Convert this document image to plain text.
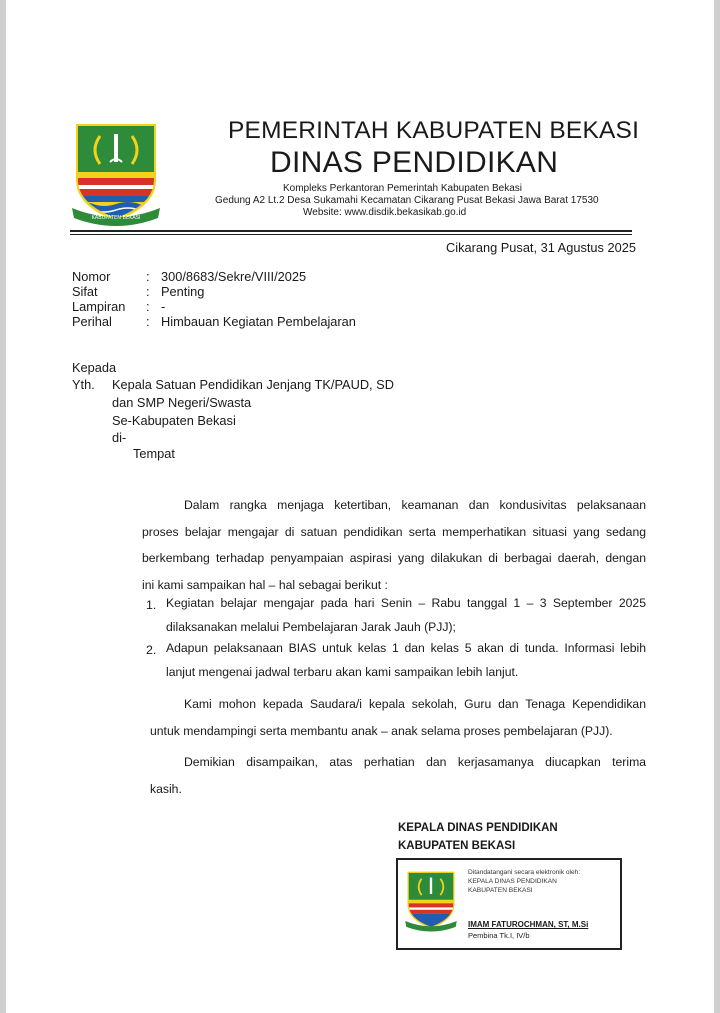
KABUPATEN BEKASI
PEMERINTAH KABUPATEN BEKASI
DINAS PENDIDIKAN
Kompleks Perkantoran Pemerintah Kabupaten Bekasi
Gedung A2 Lt.2 Desa Sukamahi Kecamatan Cikarang Pusat Bekasi Jawa Barat 17530
Website: www.disdik.bekasikab.go.id
Cikarang Pusat, 31 Agustus 2025
Nomor	: 300/8683/Sekre/VIII/2025
Sifat	: Penting
Lampiran : -
Perihal	: Himbauan Kegiatan Pembelajaran
Kepada
Yth. Kepala Satuan Pendidikan Jenjang TK/PAUD, SD
dan SMP Negeri/Swasta
Se-Kabupaten Bekasi
di-
Tempat
Dalam rangka menjaga ketertiban, keamanan dan kondusivitas pelaksanaan
proses belajar mengajar di satuan pendidikan serta memperhatikan situasi yang sedang
berkembang terhadap penyampaian aspirasi yang dilakukan di berbagai daerah, dengan
ini kami sampaikan hal – hal sebagai berikut :
1. Kegiatan belajar mengajar pada hari Senin – Rabu tanggal 1 – 3 September 2025
dilaksanakan melalui Pembelajaran Jarak Jauh (PJJ);
2. Adapun pelaksanaan BIAS untuk kelas 1 dan kelas 5 akan di tunda. Informasi lebih
lanjut mengenai jadwal terbaru akan kami sampaikan lebih lanjut.
Kami mohon kepada Saudara/i kepala sekolah, Guru dan Tenaga Kependidikan
untuk mendampingi serta membantu anak – anak selama proses pembelajaran (PJJ).
Demikian disampaikan, atas perhatian dan kerjasamanya diucapkan terima
kasih.
KEPALA DINAS PENDIDIKAN
KABUPATEN BEKASI
Ditandatangani secara elektronik oleh:
KEPALA DINAS PENDIDIKAN
KABUPATEN BEKASI
IMAM FATUROCHMAN, ST, M.Si
Pembina Tk.I, IV/b
